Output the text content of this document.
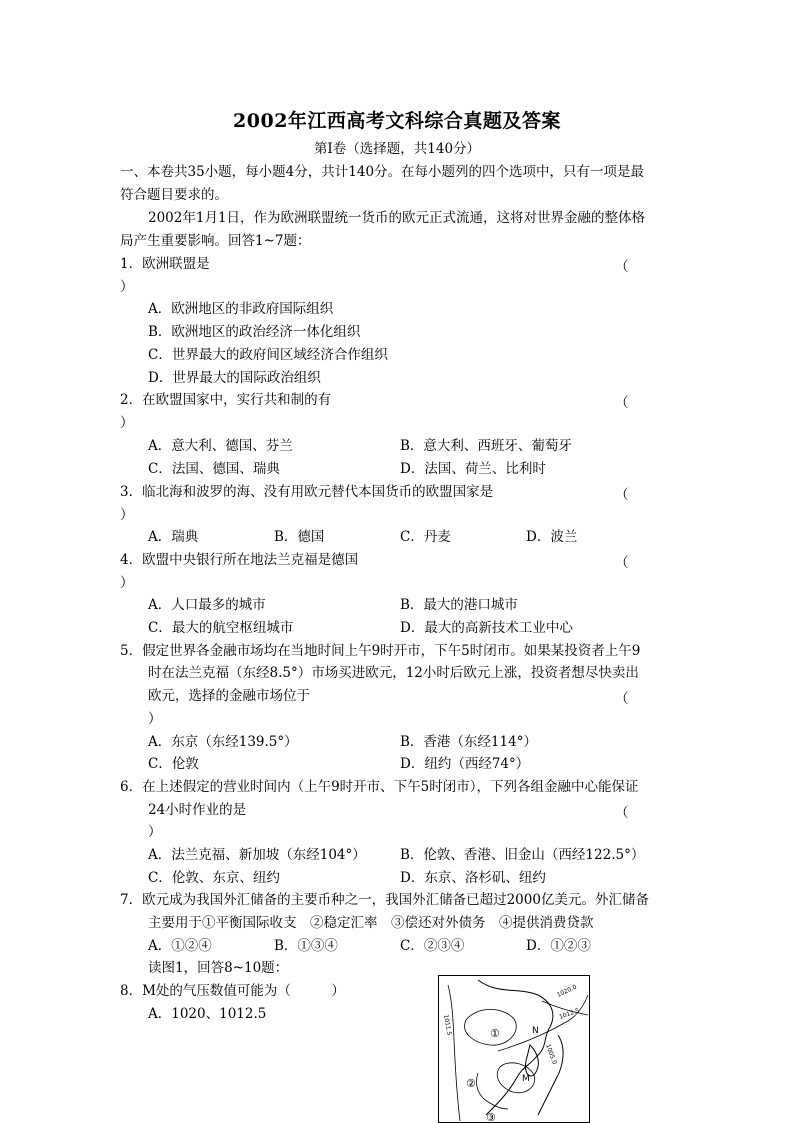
2002年江西高考文科综合真题及答案
第Ⅰ卷（选择题，共140分）
一、本卷共35小题，每小题4分，共计140分。在每小题列的四个选项中，只有一项是最
符合题目要求的。
2002年1月1日，作为欧洲联盟统一货币的欧元正式流通，这将对世界金融的整体格
局产生重要影响。回答1~7题：
1．欧洲联盟是	（
）
A．欧洲地区的非政府国际组织
B．欧洲地区的政治经济一体化组织
C．世界最大的政府间区域经济合作组织
D．世界最大的国际政治组织
2．在欧盟国家中，实行共和制的有	（
）
A．意大利、德国、芬兰	B．意大利、西班牙、葡萄牙
C．法国、德国、瑞典	D．法国、荷兰、比利时
3．临北海和波罗的海、没有用欧元替代本国货币的欧盟国家是	（
）
A．瑞典	B．德国	C．丹麦	D．波兰
4．欧盟中央银行所在地法兰克福是德国	（
）
A．人口最多的城市	B．最大的港口城市
C．最大的航空枢纽城市	D．最大的高新技术工业中心
5．假定世界各金融市场均在当地时间上午9时开市，下午5时闭市。如果某投资者上午9
时在法兰克福（东经8.5°）市场买进欧元，12小时后欧元上涨，投资者想尽快卖出
欧元，选择的金融市场位于	（
）
A．东京（东经139.5°）	B．香港（东经114°）
C．伦敦	D．纽约（西经74°）
6．在上述假定的营业时间内（上午9时开市、下午5时闭市），下列各组金融中心能保证
24小时作业的是	（
）
A．法兰克福、新加坡（东经104°）	B．伦敦、香港、旧金山（西经122.5°）
C．伦敦、东京、纽约	D．东京、洛杉矶、纽约
7．欧元成为我国外汇储备的主要币种之一，我国外汇储备已超过2000亿美元。外汇储备
主要用于①平衡国际收支　②稳定汇率　③偿还对外债务　④提供消费贷款
A．①②④	B．①③④	C．②③④	D．①②③
读图1，回答8~10题：
8．M处的气压数值可能为（　　　）
A．1020、1012.5
1020.0
1012.5
1005.0
1011.5	①
②
③
N
M
